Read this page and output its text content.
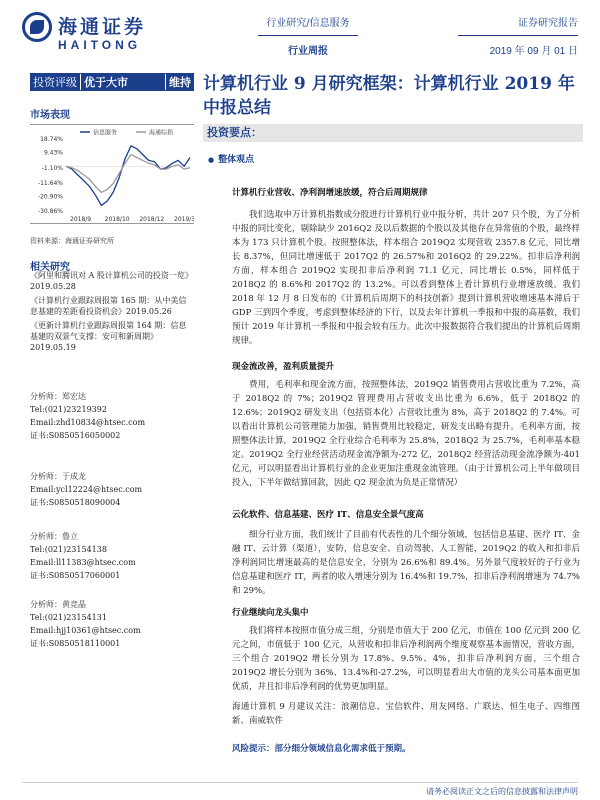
海通证券
HAITONG
行业研究/信息服务
行业周报
证券研究报告
2019 年 09 月 01 日
投资评级 优于大市	维持
市场表现
信息服务	海通综指
18.74%
9.43%
-1.10%
-11.64%
-20.90%
-30.86%
2018/9 2018/10 2018/12 2019/3
资料来源：海通证券研究所
相关研究

《阿里和腾讯对 A 股计算机公司的投资一览》2019.05.28

《计算机行业跟踪周报第 165 期：从中美信息基建的差距看投资机会》2019.05.26

《更新计算机行业跟踪周报第 164 期：信息基建的双景气支撑：安可和新周期》2019.05.19

分析师：郑宏达
Tel:(021)23219392
Email:zhd10834@htsec.com
证书:S0850516050002
分析师：于成龙
Email:ycl12224@htsec.com
证书:S0850518090004
分析师：鲁立
Tel:(021)23154138
Email:ll11383@htsec.com
证书:S0850517060001
分析师：黄竞晶
Tel:(021)23154131
Email:hjj10361@htsec.com
证书:S0850518110001
计算机行业 9 月研究框架：计算机行业 2019 年中报总结
投资要点：
● 整体观点
计算机行业营收、净利润增速放缓，符合后周期规律
我们选取申万计算机指数成分股进行计算机行业中报分析，共计 207 只个股，为了分析中报的同比变化，剔除缺少 2016Q2 及以后数据的个股以及其他存在异常值的个股，最终样本为 173 只计算机个股。按照整体法，样本组合 2019Q2 实现营收 2357.8 亿元，同比增长 8.37%，但同比增速低于 2017Q2 的 26.57%和 2016Q2 的 29.22%。扣非后净利润方面，样本组合 2019Q2 实现扣非后净利润 71.1 亿元，同比增长 0.5%，同样低于 2018Q2 的 8.6%和 2017Q2 的 13.2%。可以看到整体上看计算机行业增速放缓。我们 2018 年 12 月 8 日发布的《计算机后周期下的科技创新》提到计算机营收增速基本滞后于 GDP 三到四个季度，考虑到整体经济的下行，以及去年计算机一季报和中报的高基数，我们预计 2019 年计算机一季报和中报会较有压力。此次中报数据符合我们提出的计算机后周期规律。
现金流改善，盈利质量提升
费用，毛利率和现金流方面，按照整体法，2019Q2 销售费用占营收比重为 7.2%，高于 2018Q2 的 7%；2019Q2 管理费用占营收支出比重为 6.6%，低于 2018Q2 的 12.6%；2019Q2 研发支出（包括资本化）占营收比重为 8%，高于 2018Q2 的 7.4%。可以看出计算机公司管理能力加强，销售费用比较稳定，研发支出略有提升。毛利率方面，按照整体法计算，2019Q2 全行业综合毛利率为 25.8%，2018Q2 为 25.7%，毛利率基本稳定。2019Q2 全行业经营活动现金流净额为-272 亿，2018Q2 经营活动现金流净额为-401 亿元，可以明显看出计算机行业的企业更加注重现金流管理。（由于计算机公司上半年做项目投入，下半年做结算回款，因此 Q2 现金流为负是正常情况）
云化软件、信息基建、医疗 IT、信息安全景气度高
细分行业方面，我们统计了目前有代表性的几个细分领域，包括信息基建、医疗 IT、金融 IT、云计算（渠道），安防，信息安全、自动驾驶、人工智能，2019Q2 的收入和扣非后净利润同比增速最高的是信息安全，分别为 26.6%和 89.4%。另外景气度较好的子行业为信息基建和医疗 IT，两者的收入增速分别为 16.4%和 19.7%，扣非后净利润增速为 74.7%和 29%。
行业继续向龙头集中
我们将样本按照市值分成三组，分别是市值大于 200 亿元，市值在 100 亿元到 200 亿元之间，市值低于 100 亿元，从营收和扣非后净利润两个维度观察基本面情况，营收方面，三个组合 2019Q2 增长分别为 17.8%、9.5%、4%，扣非后净利润方面，三个组合 2019Q2 增长分别为 36%、13.4%和-27.2%，可以明显看出大市值的龙头公司基本面更加优质，并且扣非后净利润的优势更加明显。
海通计算机 9 月建议关注：浪潮信息、宝信软件、用友网络、广联达、恒生电子、四维图新、南威软件
风险提示：部分细分领域信息化需求低于预期。
请务必阅读正文之后的信息披露和法律声明
